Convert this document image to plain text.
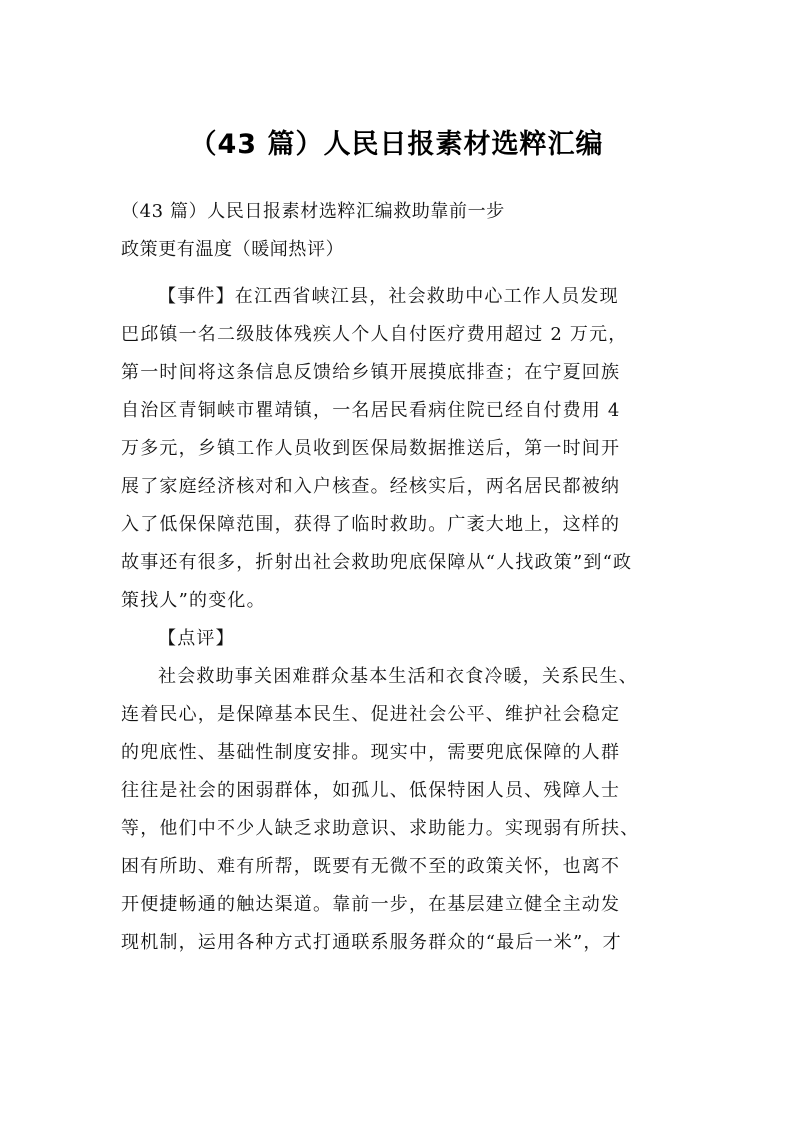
（43 篇）人民日报素材选粹汇编
（43 篇）人民日报素材选粹汇编救助靠前一步
政策更有温度（暖闻热评）
【事件】在江西省峡江县，社会救助中心工作人员发现
巴邱镇一名二级肢体残疾人个人自付医疗费用超过 2 万元，
第一时间将这条信息反馈给乡镇开展摸底排查；在宁夏回族
自治区青铜峡市瞿靖镇，一名居民看病住院已经自付费用 4
万多元，乡镇工作人员收到医保局数据推送后，第一时间开
展了家庭经济核对和入户核查。经核实后，两名居民都被纳
入了低保保障范围，获得了临时救助。广袤大地上，这样的
故事还有很多，折射出社会救助兜底保障从“人找政策”到“政
策找人”的变化。
【点评】
社会救助事关困难群众基本生活和衣食冷暖，关系民生、
连着民心，是保障基本民生、促进社会公平、维护社会稳定
的兜底性、基础性制度安排。现实中，需要兜底保障的人群
往往是社会的困弱群体，如孤儿、低保特困人员、残障人士
等，他们中不少人缺乏求助意识、求助能力。实现弱有所扶、
困有所助、难有所帮，既要有无微不至的政策关怀，也离不
开便捷畅通的触达渠道。靠前一步，在基层建立健全主动发
现机制，运用各种方式打通联系服务群众的“最后一米”，才
